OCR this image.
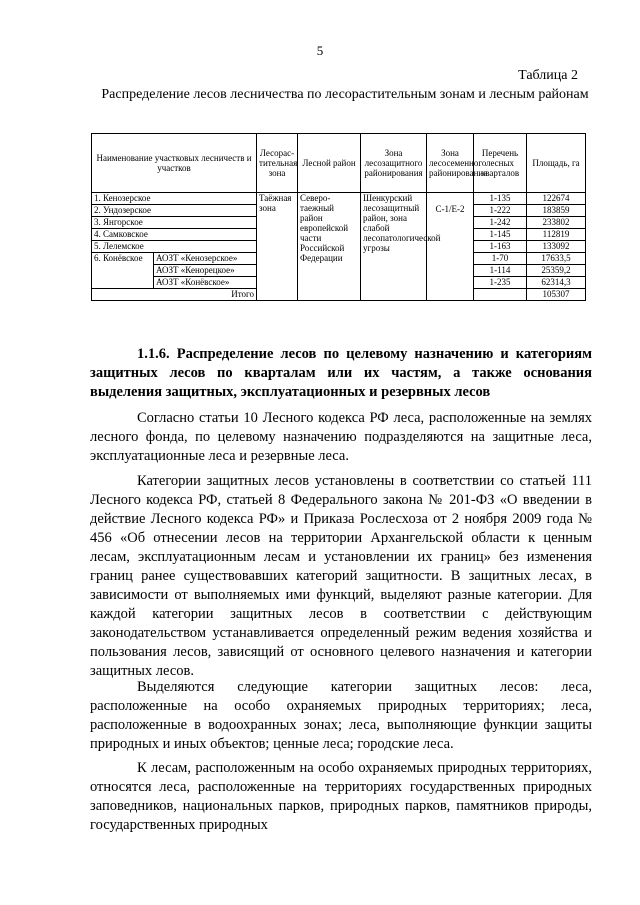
5
Таблица 2
Распределение лесов лесничества по лесорастительным зонам и лесным районам
Наименование участковых лесничеств и участков		Лесорас-тительная зона	Лесной район	Зона лесозащитного районирования	Зона лесосеменного районирования	Перечень лесных кварталов	Площадь, га
1. Кенозерское		Таёжная зона	Северо-таежный район европейской части Российской Федерации	Шенкурский лесозащитный район, зона слабой лесопатологической угрозы	С-1/Е-2	1-135	122674
2. Ундозерское						1-222	183859
3. Янгорское						1-242	233802
4. Самковское						1-145	112819
5. Лелемское						1-163	133092
6. Конёвское	АОЗТ «Кенозерское»					1-70	17633,5
	АОЗТ «Кенорецкое»					1-114	25359,2
	АОЗТ «Конёвское»					1-235	62314,3
Итого							105307
1.1.6. Распределение лесов по целевому назначению и категориям защитных лесов по кварталам или их частям, а также основания выделения защитных, эксплуатационных и резервных лесов

Согласно статьи 10 Лесного кодекса РФ леса, расположенные на землях лесного фонда, по целевому назначению подразделяются на защитные леса, эксплуатационные леса и резервные леса.

Категории защитных лесов установлены в соответствии со статьей 111 Лесного кодекса РФ, статьей 8 Федерального закона № 201-ФЗ «О введении в действие Лесного кодекса РФ» и Приказа Рослесхоза от 2 ноября 2009 года № 456 «Об отнесении лесов на территории Архангельской области к ценным лесам, эксплуатационным лесам и установлении их границ» без изменения границ ранее существовавших категорий защитности. В защитных лесах, в зависимости от выполняемых ими функций, выделяют разные категории. Для каждой категории защитных лесов в соответствии с действующим законодательством устанавливается определенный режим ведения хозяйства и пользования лесов, зависящий от основного целевого назначения и категории защитных лесов.

Выделяются следующие категории защитных лесов: леса, расположенные на особо охраняемых природных территориях; леса, расположенные в водоохранных зонах; леса, выполняющие функции защиты природных и иных объектов; ценные леса; городские леса.

К лесам, расположенным на особо охраняемых природных территориях, относятся леса, расположенные на территориях государственных природных заповедников, национальных парков, природных парков, памятников природы, государственных природных
